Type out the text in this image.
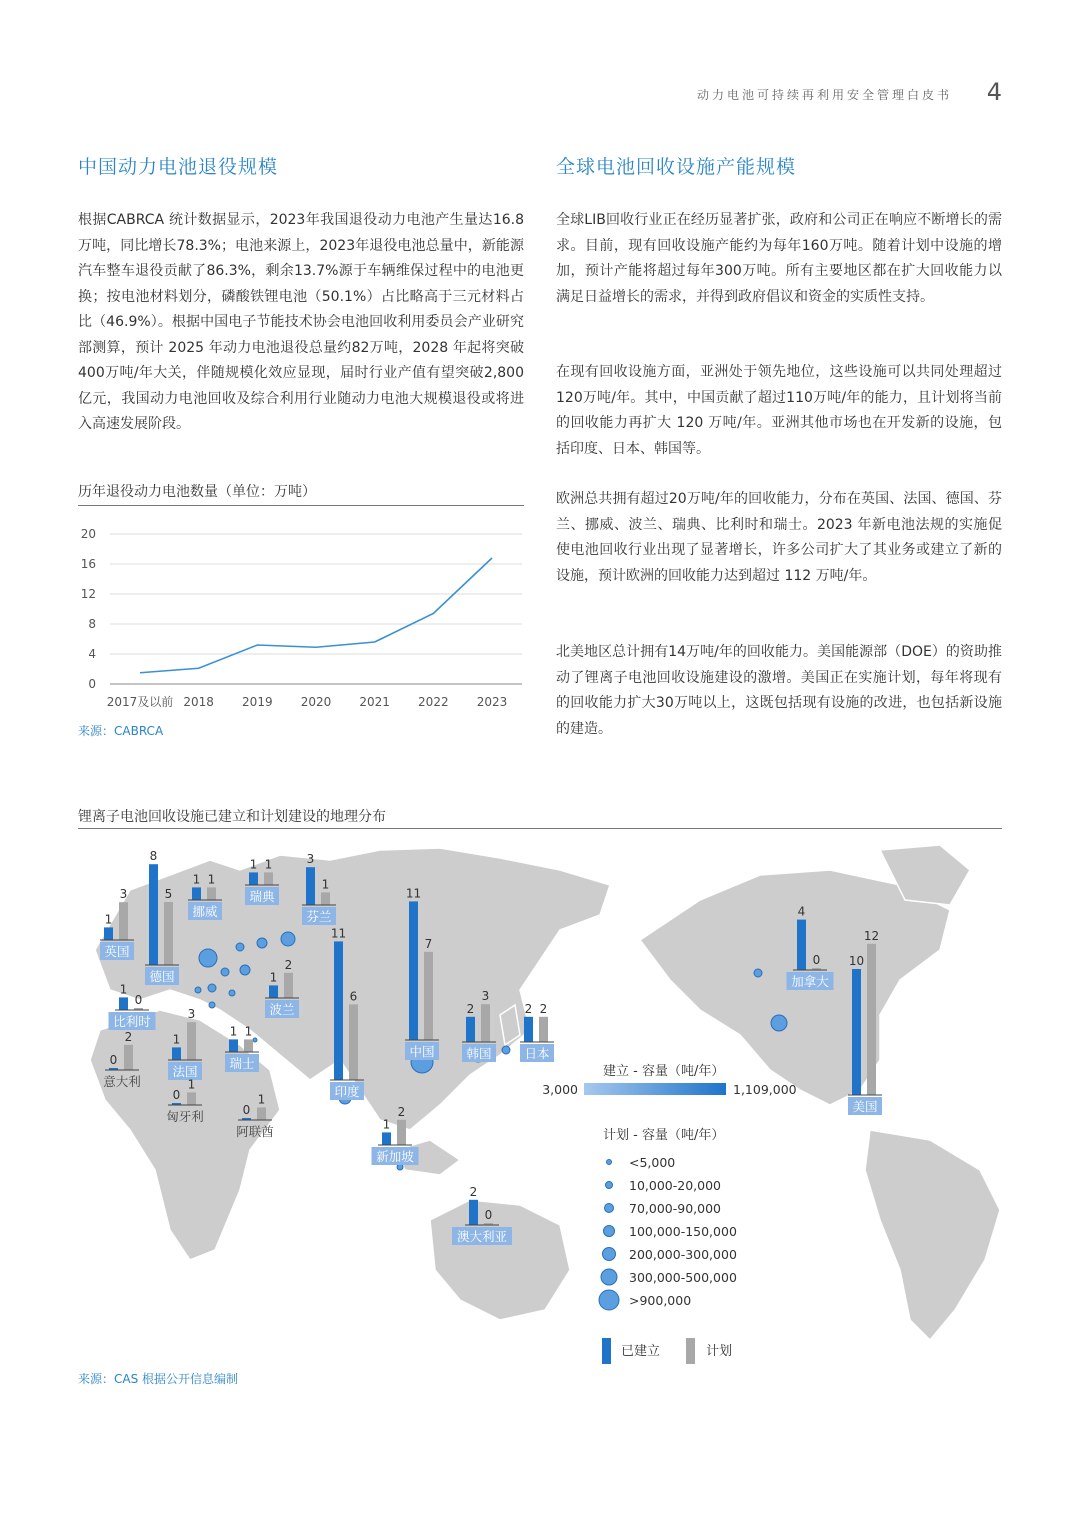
动力电池可持续再利用安全管理白皮书 4
中国动力电池退役规模

根据CABRCA 统计数据显示，2023年我国退役动力电池产生量达16.8 万吨，同比增长78.3%；电池来源上，2023年退役电池总量中，新能源汽车整车退役贡献了86.3%，剩余13.7%源于车辆维保过程中的电池更换；按电池材料划分，磷酸铁锂电池（50.1%）占比略高于三元材料占比（46.9%）。根据中国电子节能技术协会电池回收利用委员会产业研究部测算，预计 2025 年动力电池退役总量约82万吨，2028 年起将突破 400万吨/年大关，伴随规模化效应显现，届时行业产值有望突破2,800亿元，我国动力电池回收及综合利用行业随动力电池大规模退役或将进入高速发展阶段。

历年退役动力电池数量（单位：万吨）
0
4
8
12
16
20
2017及以前 2018 2019 2020 2021 2022 2023
来源：CABRCA
全球电池回收设施产能规模

全球LIB回收行业正在经历显著扩张，政府和公司正在响应不断增长的需求。目前，现有回收设施产能约为每年160万吨。随着计划中设施的增加，预计产能将超过每年300万吨。所有主要地区都在扩大回收能力以满足日益增长的需求，并得到政府倡议和资金的实质性支持。

在现有回收设施方面，亚洲处于领先地位，这些设施可以共同处理超过120万吨/年。其中，中国贡献了超过110万吨/年的能力，且计划将当前的回收能力再扩大 120 万吨/年。亚洲其他市场也在开发新的设施，包括印度、日本、韩国等。

欧洲总共拥有超过20万吨/年的回收能力，分布在英国、法国、德国、芬兰、挪威、波兰、瑞典、比利时和瑞士。2023 年新电池法规的实施促使电池回收行业出现了显著增长，许多公司扩大了其业务或建立了新的设施，预计欧洲的回收能力达到超过 112 万吨/年。

北美地区总计拥有14万吨/年的回收能力。美国能源部（DOE）的资助推动了锂离子电池回收设施建设的激增。美国正在实施计划，每年将现有的回收能力扩大30万吨以上，这既包括现有设施的改进，也包括新设施的建造。

锂离子电池回收设施已建立和计划建设的地理分布
1
3
英国
8
5
德国
1 1
挪威
1 1
瑞典
3
1
芬兰
1
0
比利时
1
2
波兰
1
3
法国
1 1
瑞士
0
2
意大利
0
1
匈牙利	0
1
阿联酋
11
6
印度
11
7
中国
2
3
韩国
2 2
日本
1
2
新加坡
2
0
澳大利亚
4
0
加拿大
10
12
美国
建立 - 容量（吨/年）
3,000	1,109,000
计划 - 容量（吨/年）
<5,000
10,000-20,000
70,000-90,000
100,000-150,000
200,000-300,000
300,000-500,000
>900,000
已建立	计划
来源：CAS 根据公开信息编制
